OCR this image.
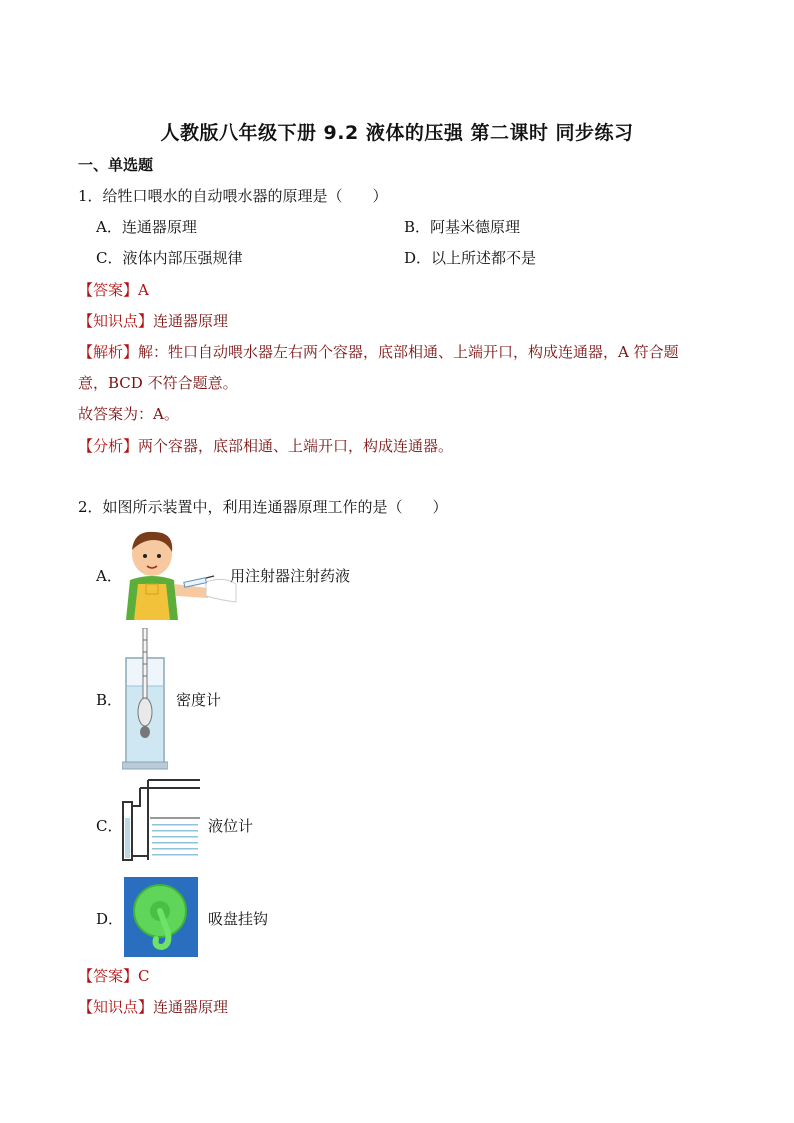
人教版八年级下册 9.2 液体的压强 第二课时 同步练习
一、单选题
1．给牲口喂水的自动喂水器的原理是（　　）
A．连通器原理	B．阿基米德原理
C．液体内部压强规律	D．以上所述都不是
【答案】A
【知识点】连通器原理
【解析】解：牲口自动喂水器左右两个容器，底部相通、上端开口，构成连通器，A 符合题
意，BCD 不符合题意。
故答案为：A。
【分析】两个容器，底部相通、上端开口，构成连通器。
2．如图所示装置中，利用连通器原理工作的是（　　）
A．	用注射器注射药液
B．	密度计
C．	液位计
D．	吸盘挂钩
【答案】C
【知识点】连通器原理
